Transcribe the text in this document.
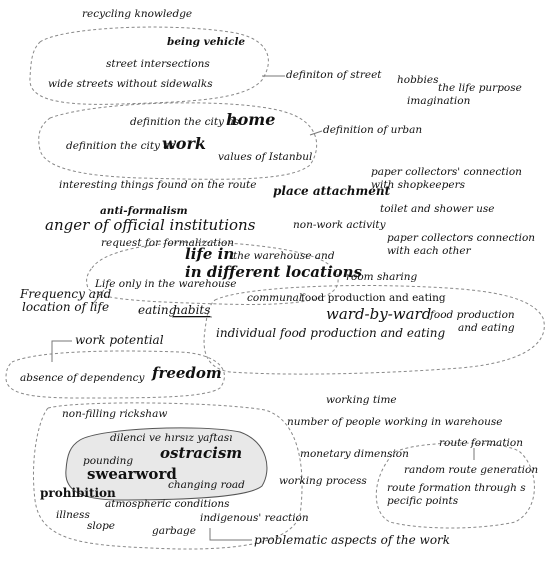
recycling knowledge
being vehicle
street intersections
wide streets without sidewalks
definiton of street hobbies
the life purpose
imagination
definition the city as
home
definition of urban
definition the city as
work
values of Istanbul
paper collectors' connection
with shopkeepers
interesting things found on the route place attachment
anti-formalism	toilet and shower use
anger of official institutions	non-work activity
paper collectors connection
with each other
request for formalization
life in
the warehouse and
in different locations
room sharing
Life only in the warehouse
Frequency and
location of life
communal
food production and eating
eating
habits	ward-by-ward
food production
and eating
individual food production and eating
work potential
absence of dependency freedom
working time
non-filling rickshaw
number of people working in warehouse
dilenci ve hırsız yaftası	route formation
pounding ostracism	monetary dimension
random route generation
swearword	working process
changing road	route formation through s
pecific points
prohibition
atmospheric conditions
illness	indigenous' reaction
slope	garbage
problematic aspects of the work
